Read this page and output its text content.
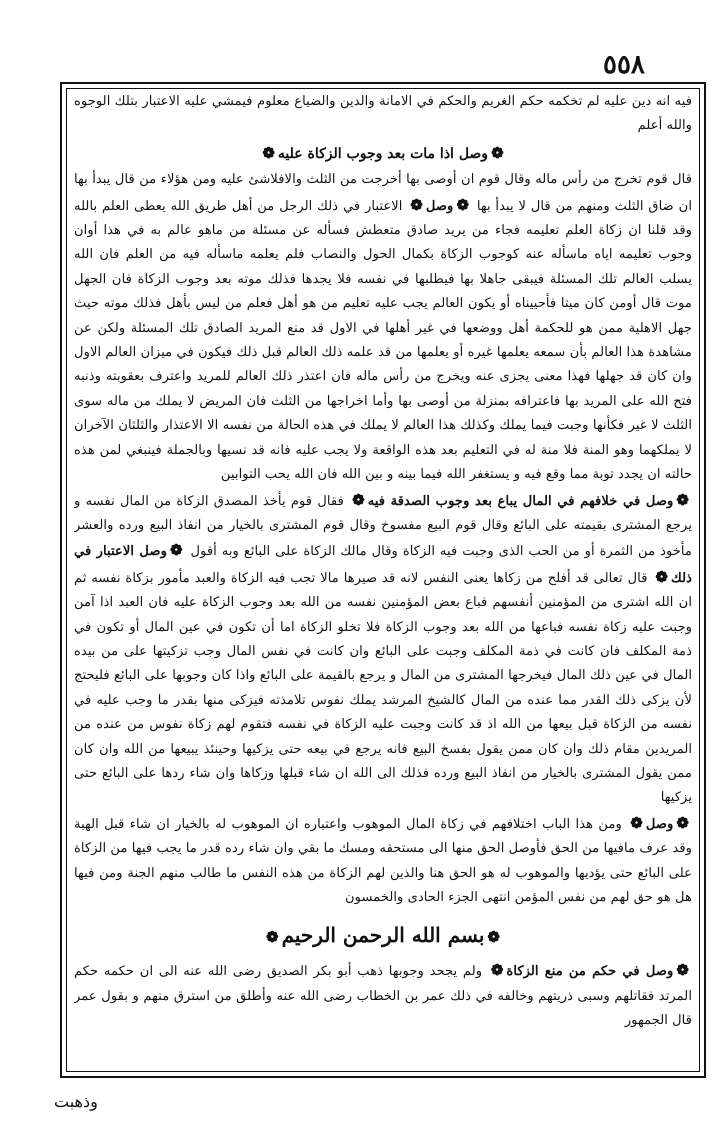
٥٥٨

فيه انه دين عليه لم تخكمه حكم الغريم والحكم في الامانة والدين والضياع معلوم فيمشي عليه الاعتبار بتلك الوجوه والله أعلم

❁وصل اذا مات بعد وجوب الزكاة عليه❁

قال قوم تخرج من رأس ماله وقال قوم ان أوصى بها أخرجت من الثلث والافلاشئ عليه ومن هؤلاء من قال يبدأ بها ان ضاق الثلث ومنهم من قال لا يبدأ بها ❁وصل❁ الاعتبار في ذلك الرجل من أهل طريق الله يعطى العلم بالله وقد قلنا ان زكاة العلم تعليمه فجاء من يريد صادق متعطش فسأله عن مسئلة من ماهو عالم به في هذا أوان وجوب تعليمه اياه ماسأله عنه كوجوب الزكاة بكمال الحول والنصاب فلم يعلمه ماسأله فيه من العلم فان الله يسلب العالم تلك المسئلة فيبقى جاهلا بها فيطلبها في نفسه فلا يجدها فذلك موته بعد وجوب الزكاة فان الجهل موت قال أومن كان ميتا فأحييناه أو يكون العالم يجب عليه تعليم من هو أهل فعلم من ليس بأهل فذلك موته حيث جهل الاهلية ممن هو للحكمة أهل ووضعها في غير أهلها في الاول قد منع المريد الصادق تلك المسئلة ولكن عن مشاهدة هذا العالم بأن سمعه يعلمها غيره أو يعلمها من قد علمه ذلك العالم قبل ذلك فيكون في ميزان العالم الاول وان كان قد جهلها فهذا معنى يجزى عنه ويخرج من رأس ماله فان اعتذر ذلك العالم للمريد واعترف بعقوبته وذنبه فتح الله على المريد بها فاعترافه بمنزلة من أوصى بها وأما اخراجها من الثلث فان المريض لا يملك من ماله سوى الثلث لا غير فكأنها وجبت فيما يملك وكذلك هذا العالم لا يملك في هذه الحالة من نفسه الا الاعتذار والثلثان الآخران لا يملكهما وهو المنة فلا منة له في التعليم بعد هذه الواقعة ولا يجب عليه فانه قد نسيها وبالجملة فينبغي لمن هذه حالته ان يجدد توبة مما وقع فيه و يستغفر الله فيما بينه و بين الله فان الله يحب التوابين

❁وصل في خلافهم في المال يباع بعد وجوب الصدقة فيه❁ فقال قوم يأخذ المصدق الزكاة من المال نفسه و يرجع المشترى بقيمته على البائع وقال قوم البيع مفسوخ وقال قوم المشترى بالخيار من انفاذ البيع ورده والعشر مأخوذ من الثمرة أو من الحب الذى وجبت فيه الزكاة وقال مالك الزكاة على البائع وبه أقول ❁وصل الاعتبار في ذلك❁ قال تعالى قد أفلح من زكاها يعنى النفس لانه قد صيرها مالا تجب فيه الزكاة والعبد مأمور بزكاة نفسه ثم ان الله اشترى من المؤمنين أنفسهم فباع بعض المؤمنين نفسه من الله بعد وجوب الزكاة عليه فان العبد اذا آمن وجبت عليه زكاة نفسه فباعها من الله بعد وجوب الزكاة فلا تخلو الزكاة اما أن تكون في عين المال أو تكون في ذمة المكلف فان كانت في ذمة المكلف وجبت على البائع وان كانت في نفس المال وجب تزكيتها على من بيده المال في عين ذلك المال فيخرجها المشترى من المال و يرجع بالقيمة على البائع واذا كان وجوبها على البائع فليحتج لأن يزكى ذلك القدر مما عنده من المال كالشيخ المرشد يملك نفوس تلامذته فيزكى منها بقدر ما وجب عليه في نفسه من الزكاة قبل بيعها من الله اذ قد كانت وجبت عليه الزكاة في نفسه فتقوم لهم زكاة نفوس من عنده من المريدين مقام ذلك وان كان ممن يقول بفسخ البيع فانه يرجع في بيعه حتى يزكيها وحينئذ يبيعها من الله وان كان ممن يقول المشترى بالخيار من انفاذ البيع ورده فذلك الى الله ان شاء قبلها وزكاها وان شاء ردها على البائع حتى يزكيها

❁وصل❁ ومن هذا الباب اختلافهم في زكاة المال الموهوب واعتباره ان الموهوب له بالخيار ان شاء قبل الهبة وقد عرف مافيها من الحق فأوصل الحق منها الى مستحقه ومسك ما بقي وان شاء رده قدر ما يجب فيها من الزكاة على البائع حتى يؤديها والموهوب له هو الحق هنا والذين لهم الزكاة من هذه النفس ما طالب منهم الجنة ومن فيها هل هو حق لهم من نفس المؤمن انتهى الجزء الحادى والخمسون

❁بسم الله الرحمن الرحيم❁

❁وصل في حكم من منع الزكاة❁ ولم يجحد وجوبها ذهب أبو بكر الصديق رضى الله عنه الى ان حكمه حكم المرتد فقاتلهم وسبى ذريتهم وخالفه في ذلك عمر بن الخطاب رضى الله عنه وأطلق من استرق منهم و بقول عمر قال الجمهور

وذهبت
